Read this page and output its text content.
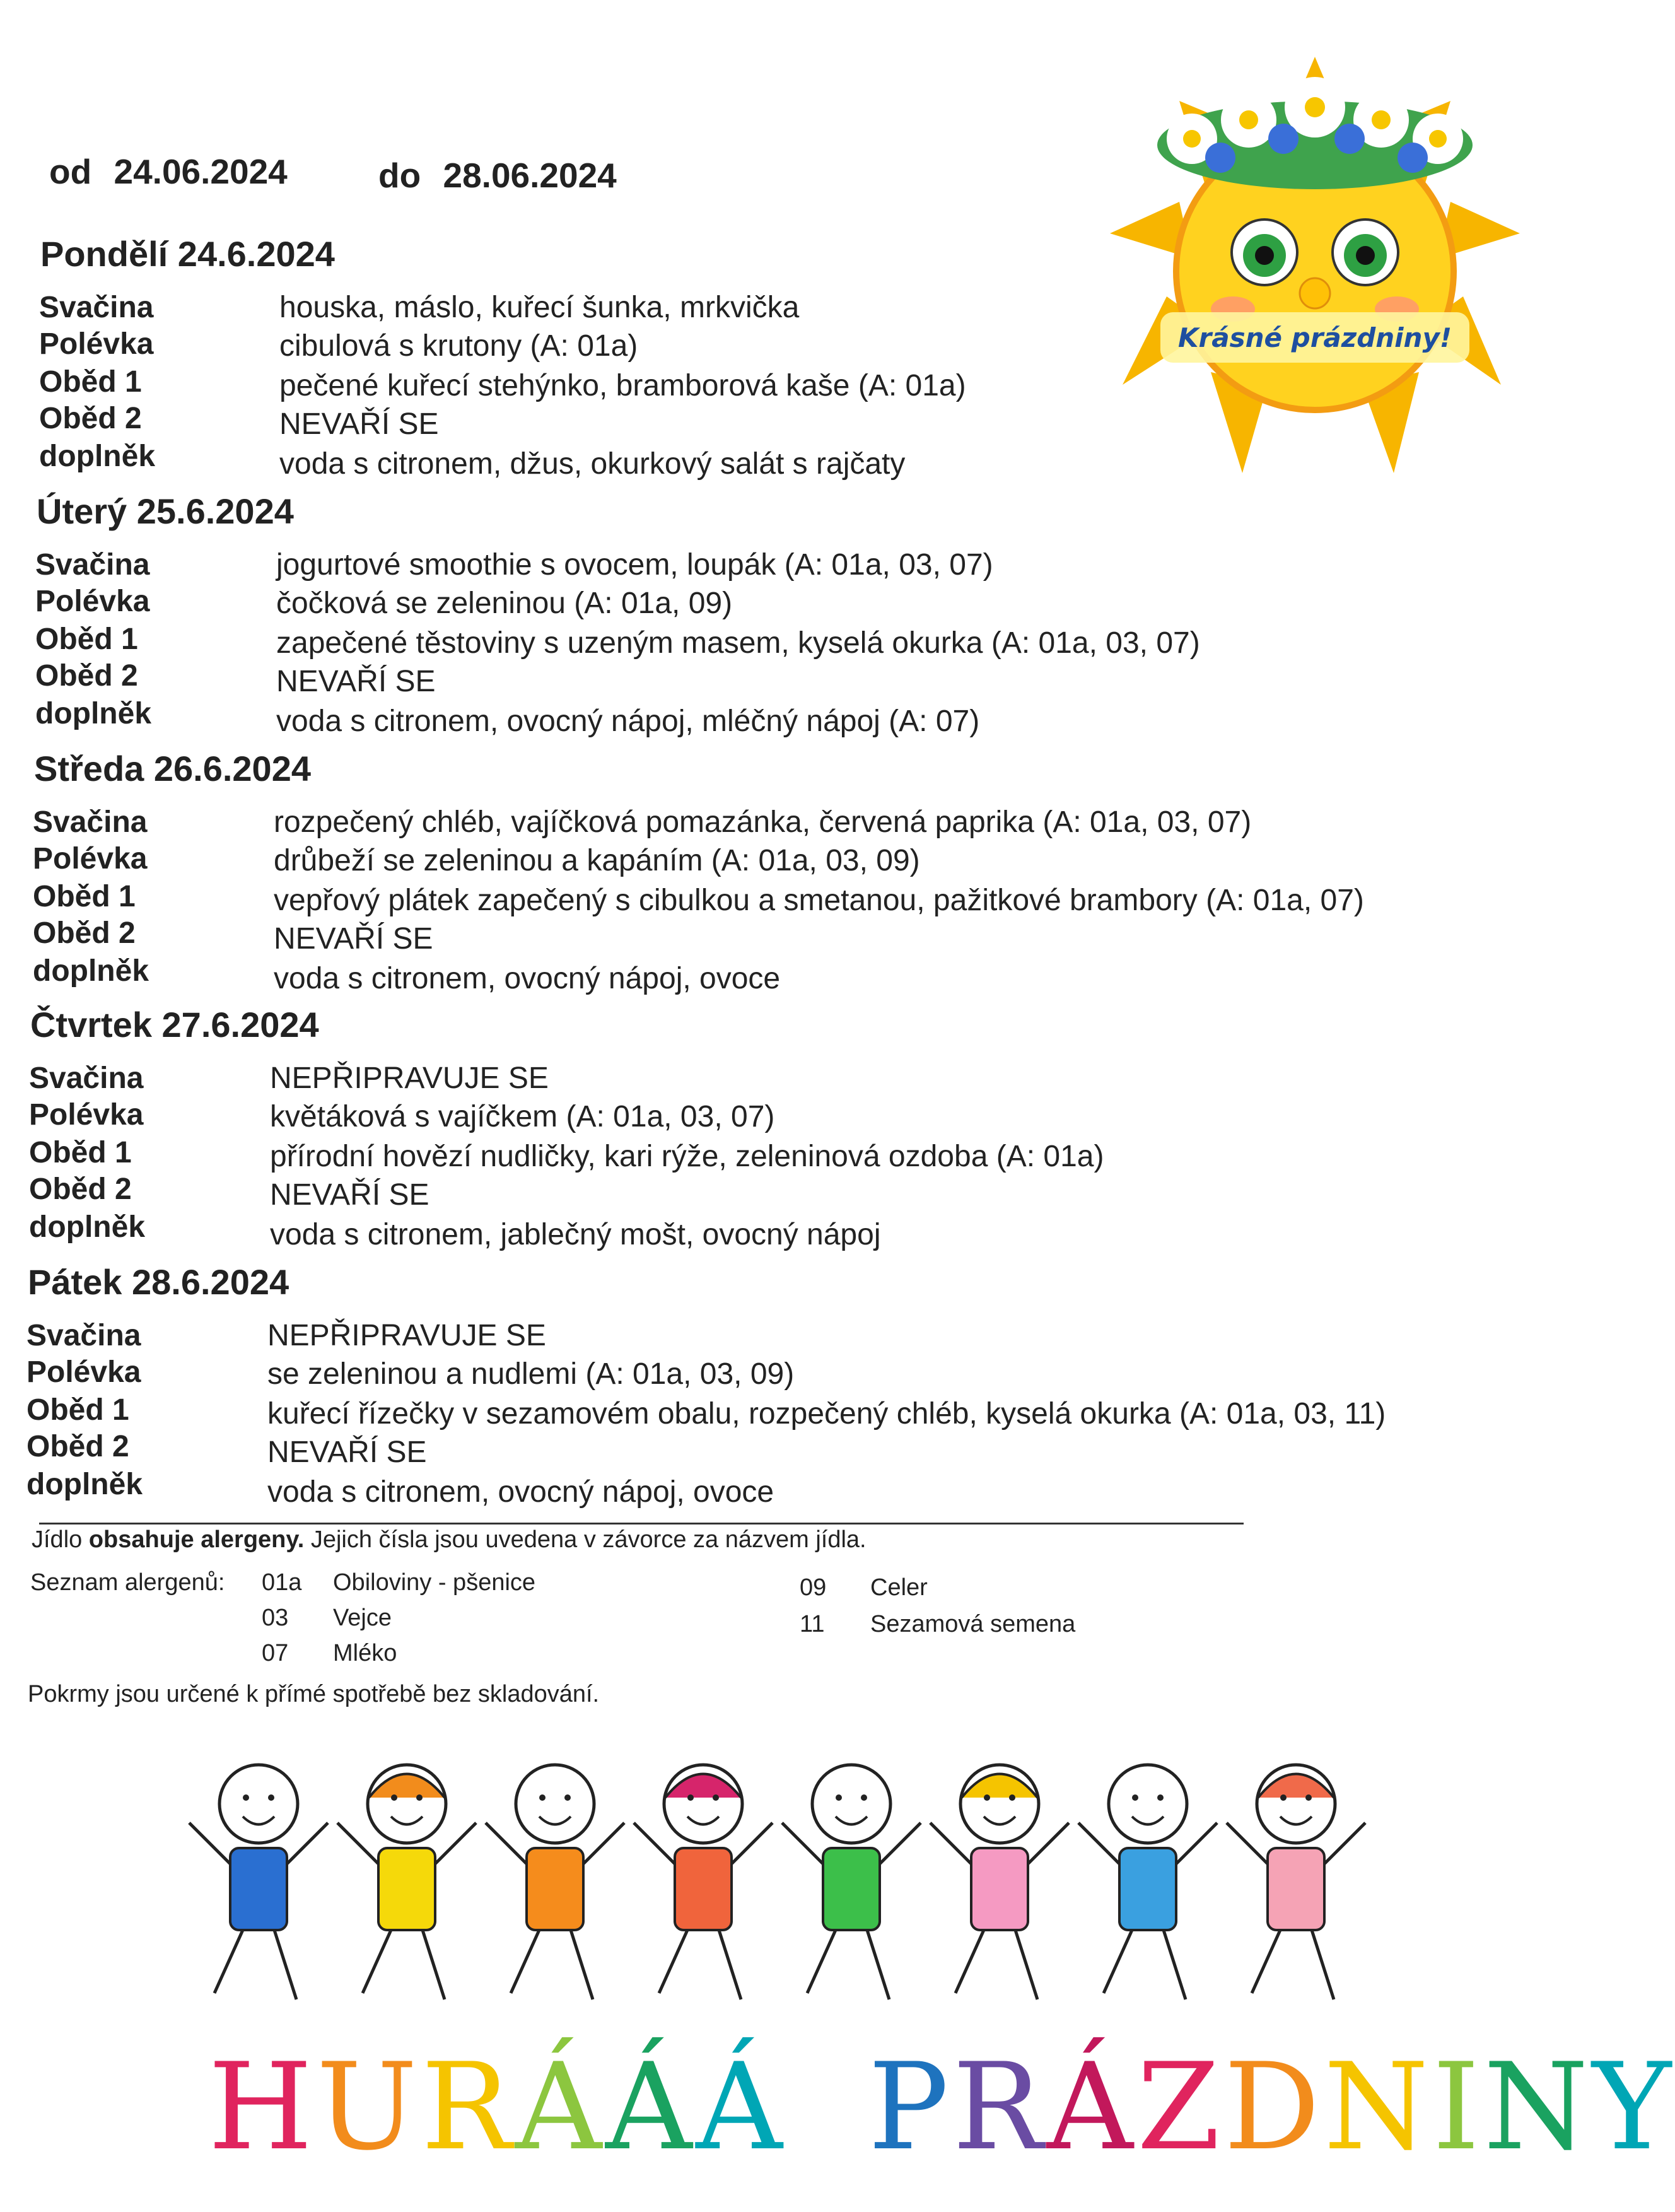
od 24.06.2024	do 28.06.2024
Krásné prázdniny!
Pondělí 24.6.2024
Svačina	houska, máslo, kuřecí šunka, mrkvička
Polévka	cibulová s krutony (A: 01a)
Oběd 1	pečené kuřecí stehýnko, bramborová kaše (A: 01a)
Oběd 2	NEVAŘÍ SE
doplněk	voda s citronem, džus, okurkový salát s rajčaty
Úterý 25.6.2024
Svačina	jogurtové smoothie s ovocem, loupák (A: 01a, 03, 07)
Polévka	čočková se zeleninou (A: 01a, 09)
Oběd 1	zapečené těstoviny s uzeným masem, kyselá okurka (A: 01a, 03, 07)
Oběd 2	NEVAŘÍ SE
doplněk	voda s citronem, ovocný nápoj, mléčný nápoj (A: 07)
Středa 26.6.2024
Svačina	rozpečený chléb, vajíčková pomazánka, červená paprika (A: 01a, 03, 07)
Polévka	drůbeží se zeleninou a kapáním (A: 01a, 03, 09)
Oběd 1	vepřový plátek zapečený s cibulkou a smetanou, pažitkové brambory (A: 01a, 07)
Oběd 2	NEVAŘÍ SE
doplněk	voda s citronem, ovocný nápoj, ovoce
Čtvrtek 27.6.2024
Svačina	NEPŘIPRAVUJE SE
Polévka	květáková s vajíčkem (A: 01a, 03, 07)
Oběd 1	přírodní hovězí nudličky, kari rýže, zeleninová ozdoba (A: 01a)
Oběd 2	NEVAŘÍ SE
doplněk	voda s citronem, jablečný mošt, ovocný nápoj
Pátek 28.6.2024
Svačina	NEPŘIPRAVUJE SE
Polévka	se zeleninou a nudlemi (A: 01a, 03, 09)
Oběd 1	kuřecí řízečky v sezamovém obalu, rozpečený chléb, kyselá okurka (A: 01a, 03, 11)
Oběd 2	NEVAŘÍ SE
doplněk	voda s citronem, ovocný nápoj, ovoce
Jídlo obsahuje alergeny. Jejich čísla jsou uvedena v závorce za názvem jídla.
Seznam alergenů: 01a Obiloviny - pšenice
03 Vejce
07 Mléko
09 Celer
11 Sezamová semena
Pokrmy jsou určené k přímé spotřebě bez skladování.
HURÁÁÁ PRÁZDNINY
